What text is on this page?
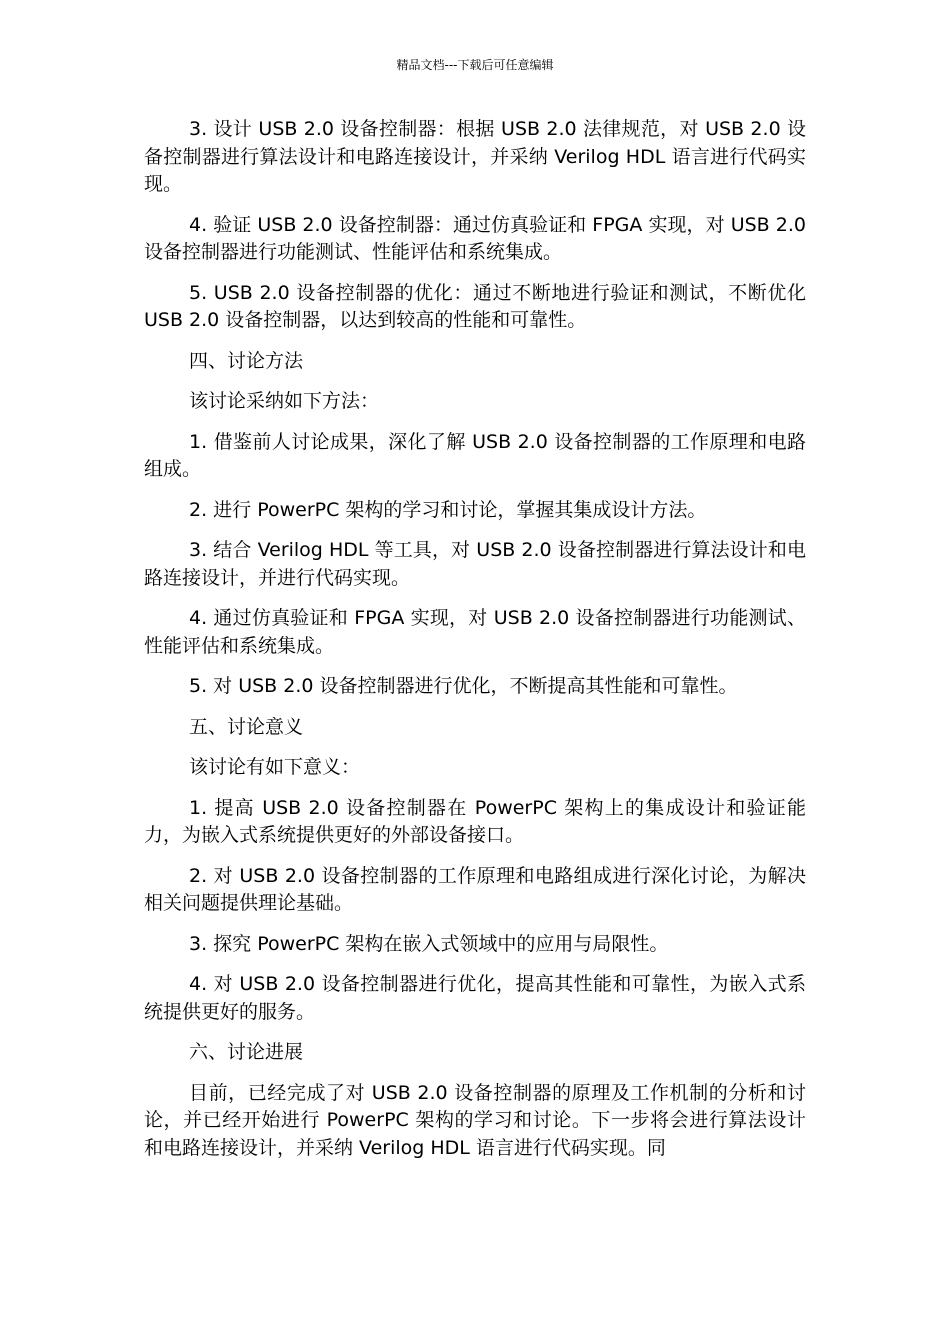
精品文档---下载后可任意编辑

3. 设计 USB 2.0 设备控制器：根据 USB 2.0 法律规范，对 USB 2.0 设备控制器进行算法设计和电路连接设计，并采纳 Verilog HDL 语言进行代码实现。

4. 验证 USB 2.0 设备控制器：通过仿真验证和 FPGA 实现，对 USB 2.0 设备控制器进行功能测试、性能评估和系统集成。

5. USB 2.0 设备控制器的优化：通过不断地进行验证和测试，不断优化 USB 2.0 设备控制器，以达到较高的性能和可靠性。

四、讨论方法

该讨论采纳如下方法：

1. 借鉴前人讨论成果，深化了解 USB 2.0 设备控制器的工作原理和电路组成。

2. 进行 PowerPC 架构的学习和讨论，掌握其集成设计方法。

3. 结合 Verilog HDL 等工具，对 USB 2.0 设备控制器进行算法设计和电路连接设计，并进行代码实现。

4. 通过仿真验证和 FPGA 实现，对 USB 2.0 设备控制器进行功能测试、性能评估和系统集成。

5. 对 USB 2.0 设备控制器进行优化，不断提高其性能和可靠性。

五、讨论意义

该讨论有如下意义：

1. 提高 USB 2.0 设备控制器在 PowerPC 架构上的集成设计和验证能力，为嵌入式系统提供更好的外部设备接口。

2. 对 USB 2.0 设备控制器的工作原理和电路组成进行深化讨论，为解决相关问题提供理论基础。

3. 探究 PowerPC 架构在嵌入式领域中的应用与局限性。

4. 对 USB 2.0 设备控制器进行优化，提高其性能和可靠性，为嵌入式系统提供更好的服务。

六、讨论进展

目前，已经完成了对 USB 2.0 设备控制器的原理及工作机制的分析和讨论，并已经开始进行 PowerPC 架构的学习和讨论。下一步将会进行算法设计和电路连接设计，并采纳 Verilog HDL 语言进行代码实现。同
